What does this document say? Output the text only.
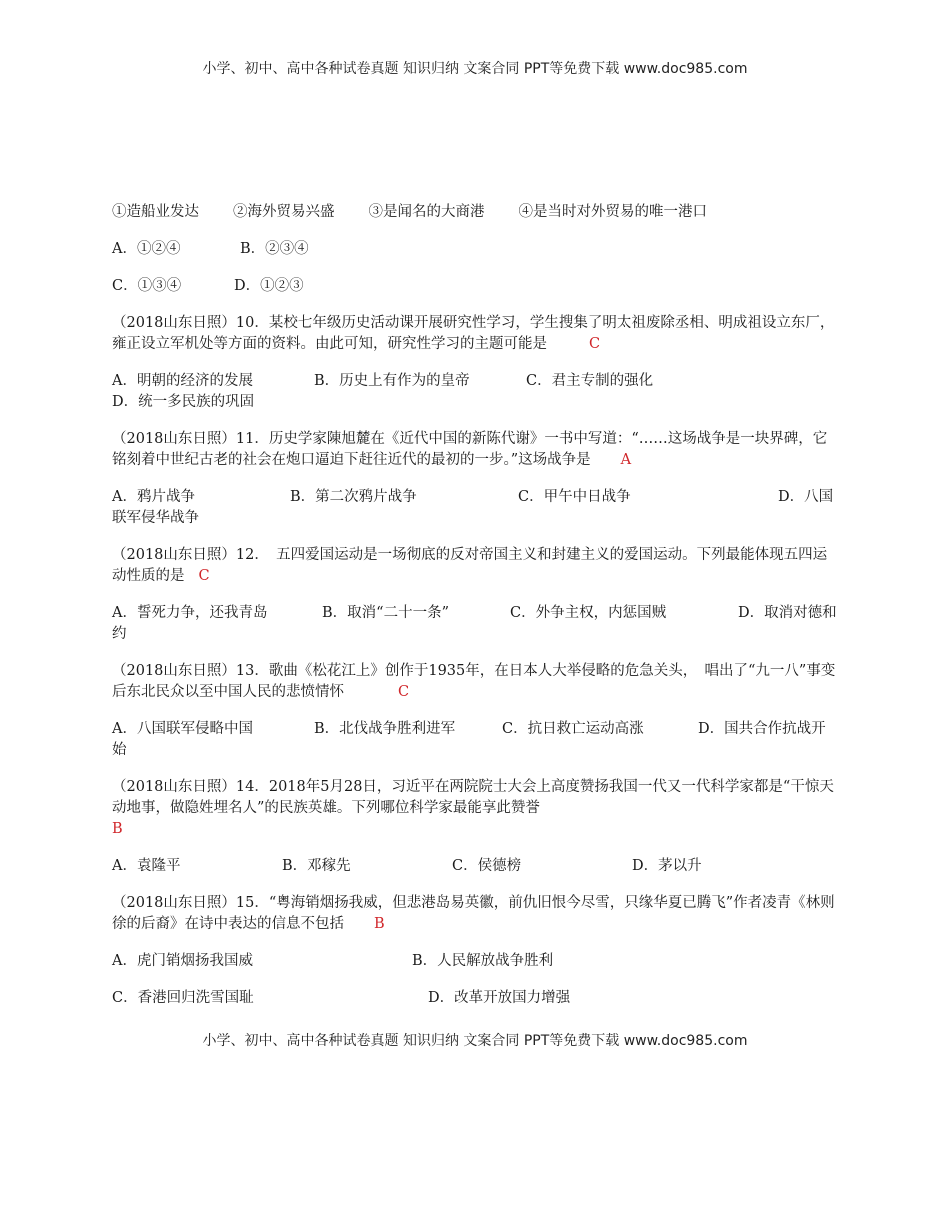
小学、初中、高中各种试卷真题 知识归纳 文案合同 PPT等免费下载 www.doc985.com
①造船业发达 ②海外贸易兴盛 ③是闻名的大商港 ④是当时对外贸易的唯一港口
A．①②④	B．②③④
C．①③④	D．①②③
（2018山东日照）10．某校七年级历史活动课开展研究性学习，学生搜集了明太祖废除丞相、明成祖设立东厂，雍正设立军机处等方面的资料。由此可知，研究性学习的主题可能是	C
A．明朝的经济的发展	B．历史上有作为的皇帝	C．君主专制的强化D．统一多民族的巩固
（2018山东日照）11．历史学家陳旭麓在《近代中国的新陈代谢》一书中写道：“……这场战争是一块界碑，它铭刻着中世纪古老的社会在炮口逼迫下赶往近代的最初的一步。”这场战争是 A
A．鸦片战争	B．第二次鸦片战争	C．甲午中日战争	D．八国联军侵华战争
（2018山东日照）12．　五四爱国运动是一场彻底的反对帝国主义和封建主义的爱国运动。下列最能体现五四运动性质的是 C
A．誓死力争，还我青岛	B．取消“二十一条”	C．外争主权，内惩国贼	D．取消对德和约
（2018山东日照）13．歌曲《松花江上》创作于1935年，在日本人大举侵略的危急关头，　唱出了“九一八”事变后东北民众以至中国人民的悲愤情怀	C
A．八国联军侵略中国	B．北伐战争胜利进军	C．抗日救亡运动高涨	D．国共合作抗战开始
（2018山东日照）14．2018年5月28日，习近平在两院院士大会上高度赞扬我国一代又一代科学家都是“干惊天动地事，做隐姓埋名人”的民族英雄。下列哪位科学家最能享此赞誉
B
A．袁隆平	B．邓稼先	C．侯德榜	D．茅以升
（2018山东日照）15．“粤海销烟扬我威，但悲港岛易英徽，前仇旧恨今尽雪，只缘华夏已腾飞”作者凌青《林则徐的后裔》在诗中表达的信息不包括 B
A．虎门销烟扬我国威	B．人民解放战争胜利
C．香港回归洗雪国耻	D．改革开放国力增强
小学、初中、高中各种试卷真题 知识归纳 文案合同 PPT等免费下载 www.doc985.com
